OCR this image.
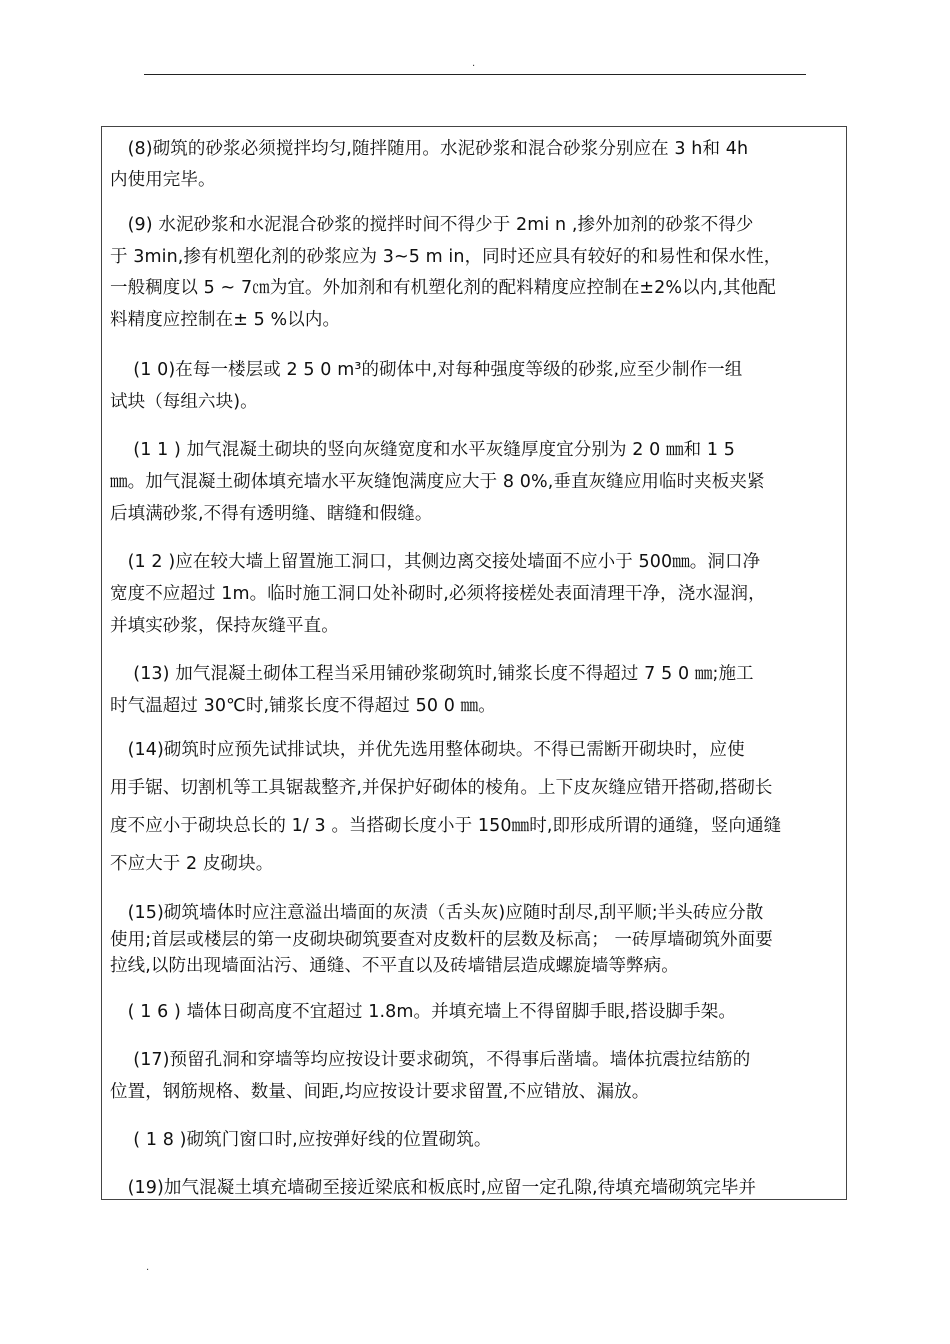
.
　(8)砌筑的砂浆必须搅拌均匀,随拌随用。水泥砂浆和混合砂浆分别应在 3 h和 4h
内使用完毕。
　(9) 水泥砂浆和水泥混合砂浆的搅拌时间不得少于 2mi n ,掺外加剂的砂浆不得少
于 3min,掺有机塑化剂的砂浆应为 3~5 m in，同时还应具有较好的和易性和保水性，
一般稠度以 5 ~ 7㎝为宜。外加剂和有机塑化剂的配料精度应控制在±2%以内,其他配
料精度应控制在± 5 %以内。
　 (1 0)在每一楼层或 2 5 0 m³的砌体中,对每种强度等级的砂浆,应至少制作一组
试块（每组六块)。
　 (1 1 ) 加气混凝土砌块的竖向灰缝宽度和水平灰缝厚度宜分别为 2 0 ㎜和 1 5
㎜。加气混凝土砌体填充墙水平灰缝饱满度应大于 8 0%,垂直灰缝应用临时夹板夹紧
后填满砂浆,不得有透明缝、瞎缝和假缝。
　(1 2 )应在较大墙上留置施工洞口，其侧边离交接处墙面不应小于 500㎜。洞口净
宽度不应超过 1m。临时施工洞口处补砌时,必须将接槎处表面清理干净，浇水湿润，
并填实砂浆，保持灰缝平直。
　 (13) 加气混凝土砌体工程当采用铺砂浆砌筑时,铺浆长度不得超过 7 5 0 ㎜;施工
时气温超过 30℃时,铺浆长度不得超过 50 0 ㎜。
　(14)砌筑时应预先试排试块，并优先选用整体砌块。不得已需断开砌块时，应使
用手锯、切割机等工具锯裁整齐,并保护好砌体的棱角。上下皮灰缝应错开搭砌,搭砌长
度不应小于砌块总长的 1/ 3 。当搭砌长度小于 150㎜时,即形成所谓的通缝，竖向通缝
不应大于 2 皮砌块。
　(15)砌筑墙体时应注意溢出墙面的灰渍（舌头灰)应随时刮尽,刮平顺;半头砖应分散
使用;首层或楼层的第一皮砌块砌筑要查对皮数杆的层数及标高； 一砖厚墙砌筑外面要
拉线,以防出现墙面沾污、通缝、不平直以及砖墙错层造成螺旋墙等弊病。
　( 1 6 ) 墙体日砌高度不宜超过 1.8m。并填充墙上不得留脚手眼,搭设脚手架。
　 (17)预留孔洞和穿墙等均应按设计要求砌筑，不得事后凿墙。墙体抗震拉结筋的
位置，钢筋规格、数量、间距,均应按设计要求留置,不应错放、漏放。
　 ( 1 8 )砌筑门窗口时,应按弹好线的位置砌筑。
　(19)加气混凝土填充墙砌至接近梁底和板底时,应留一定孔隙,待填充墙砌筑完毕并
.
